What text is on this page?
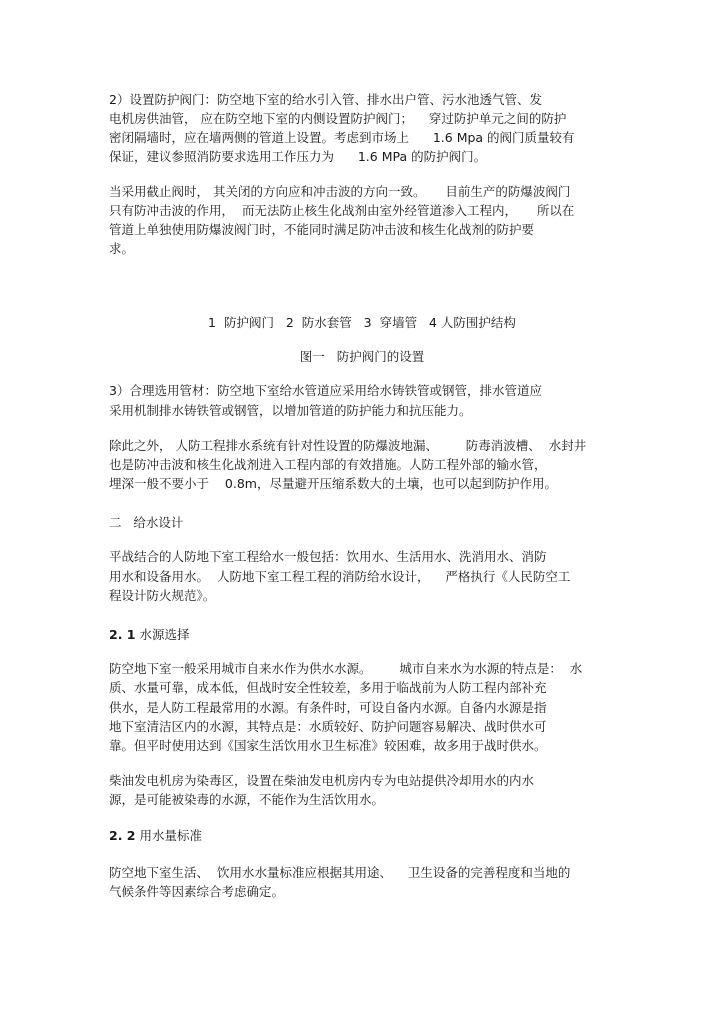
2）设置防护阀门：防空地下室的给水引入管、排水出户管、污水池透气管、发
电机房供油管， 应在防空地下室的内侧设置防护阀门；    穿过防护单元之间的防护
密闭隔墙时，应在墙两侧的管道上设置。考虑到市场上      1.6 Mpa 的阀门质量较有
保证，建议参照消防要求选用工作压力为      1.6 MPa 的防护阀门。
当采用截止阀时， 其关闭的方向应和冲击波的方向一致。     目前生产的防爆波阀门
只有防冲击波的作用，  而无法防止核生化战剂由室外经管道渗入工程内，     所以在
管道上单独使用防爆波阀门时，不能同时满足防冲击波和核生化战剂的防护要
求。
1  防护阀门   2  防水套管   3  穿墙管   4 人防围护结构
图一   防护阀门的设置
3）合理选用管材：防空地下室给水管道应采用给水铸铁管或钢管，排水管道应
采用机制排水铸铁管或钢管，以增加管道的防护能力和抗压能力。
除此之外， 人防工程排水系统有针对性设置的防爆波地漏、       防毒消波槽、  水封井
也是防冲击波和核生化战剂进入工程内部的有效措施。人防工程外部的输水管，
埋深一般不要小于    0.8m，尽量避开压缩系数大的土壤，也可以起到防护作用。
二   给水设计
平战结合的人防地下室工程给水一般包括：饮用水、生活用水、洗消用水、消防
用水和设备用水。  人防地下室工程工程的消防给水设计，    严格执行《人民防空工
程设计防火规范》。
2. 1 水源选择
防空地下室一般采用城市自来水作为供水水源。       城市自来水为水源的特点是：  水
质、水量可靠，成本低，但战时安全性较差，多用于临战前为人防工程内部补充
供水，是人防工程最常用的水源。有条件时，可设自备内水源。自备内水源是指
地下室清洁区内的水源，其特点是：水质较好、防护问题容易解决、战时供水可
靠。但平时使用达到《国家生活饮用水卫生标准》较困难，故多用于战时供水。
柴油发电机房为染毒区，设置在柴油发电机房内专为电站提供冷却用水的内水
源，是可能被染毒的水源，不能作为生活饮用水。
2. 2 用水量标准
防空地下室生活、  饮用水水量标准应根据其用途、    卫生设备的完善程度和当地的
气候条件等因素综合考虑确定。
